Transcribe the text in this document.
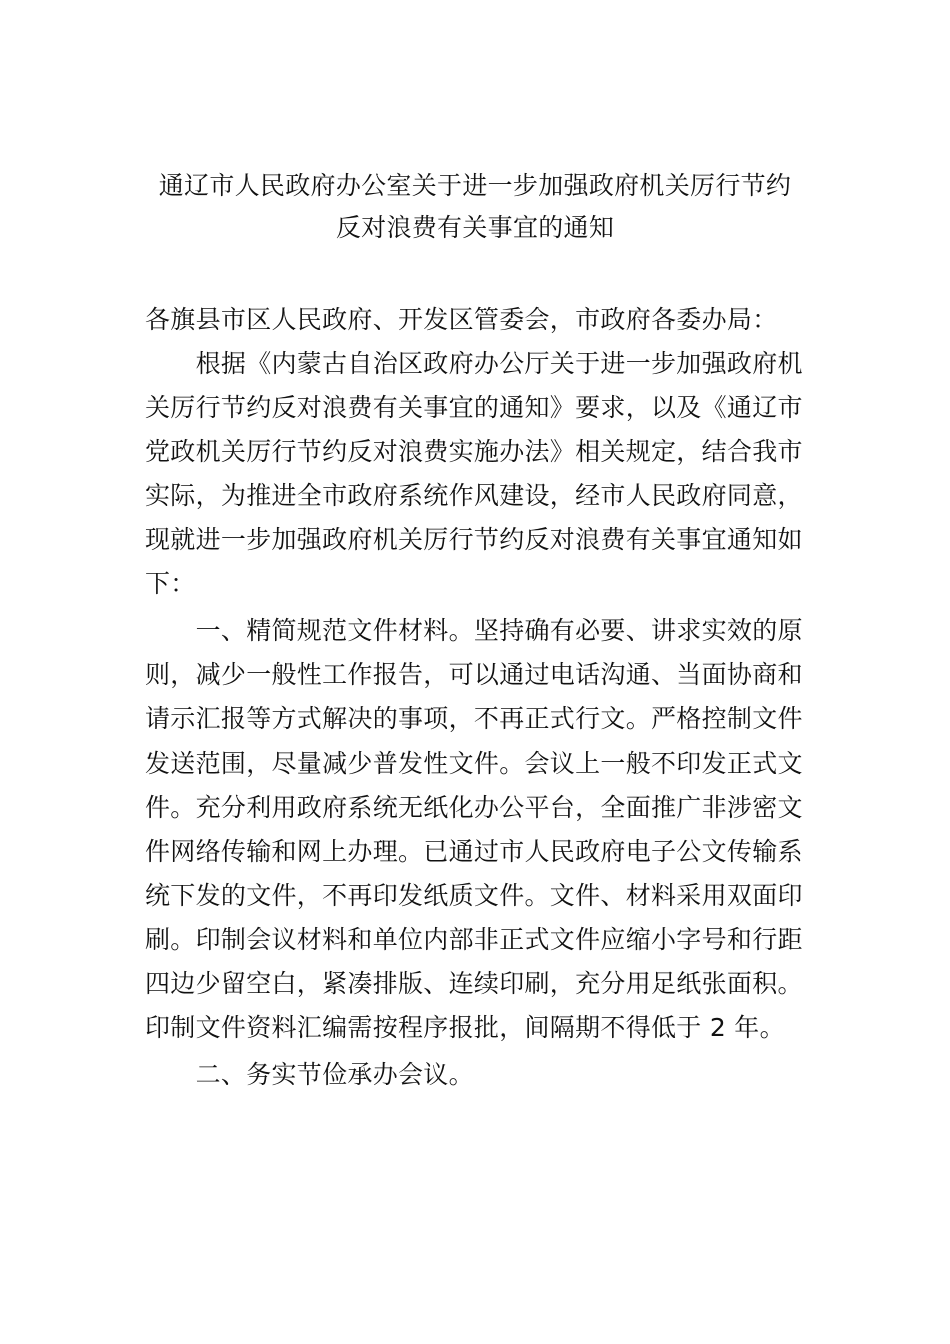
通辽市人民政府办公室关于进一步加强政府机关厉行节约
反对浪费有关事宜的通知
各旗县市区人民政府、开发区管委会，市政府各委办局：
　　根据《内蒙古自治区政府办公厅关于进一步加强政府机
关厉行节约反对浪费有关事宜的通知》要求，以及《通辽市
党政机关厉行节约反对浪费实施办法》相关规定，结合我市
实际，为推进全市政府系统作风建设，经市人民政府同意，
现就进一步加强政府机关厉行节约反对浪费有关事宜通知如
下：
　　一、精简规范文件材料。坚持确有必要、讲求实效的原
则，减少一般性工作报告，可以通过电话沟通、当面协商和
请示汇报等方式解决的事项，不再正式行文。严格控制文件
发送范围，尽量减少普发性文件。会议上一般不印发正式文
件。充分利用政府系统无纸化办公平台，全面推广非涉密文
件网络传输和网上办理。已通过市人民政府电子公文传输系
统下发的文件，不再印发纸质文件。文件、材料采用双面印
刷。印制会议材料和单位内部非正式文件应缩小字号和行距
四边少留空白，紧凑排版、连续印刷，充分用足纸张面积。
印制文件资料汇编需按程序报批，间隔期不得低于 2 年。
　　二、务实节俭承办会议。
